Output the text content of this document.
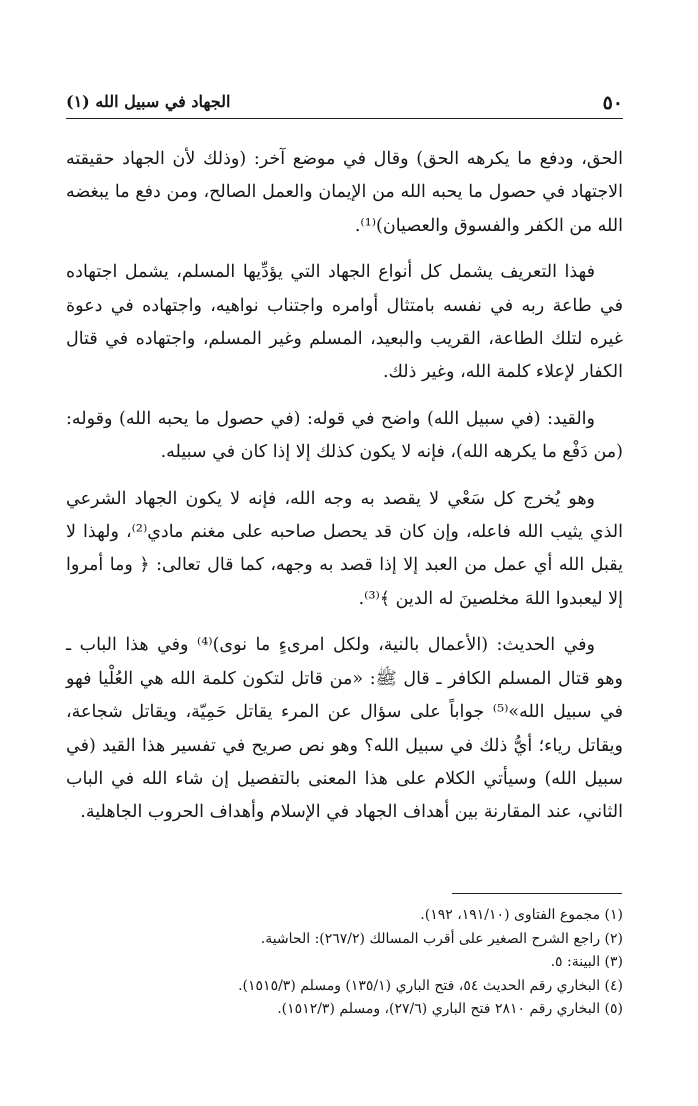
٥٠
الجهاد في سبيل الله (١)

الحق، ودفع ما يكرهه الحق) وقال في موضع آخر: (وذلك لأن الجهاد حقيقته الاجتهاد في حصول ما يحبه الله من الإيمان والعمل الصالح، ومن دفع ما يبغضه الله من الكفر والفسوق والعصيان)⁽¹⁾.

فهذا التعريف يشمل كل أنواع الجهاد التي يؤدِّيها المسلم، يشمل اجتهاده في طاعة ربه في نفسه بامتثال أوامره واجتناب نواهيه، واجتهاده في دعوة غيره لتلك الطاعة، القريب والبعيد، المسلم وغير المسلم، واجتهاده في قتال الكفار لإعلاء كلمة الله، وغير ذلك.

والقيد: (في سبيل الله) واضح في قوله: (في حصول ما يحبه الله) وقوله: (من دَفْع ما يكرهه الله)، فإنه لا يكون كذلك إلا إذا كان في سبيله.

وهو يُخرج كل سَعْي لا يقصد به وجه الله، فإنه لا يكون الجهاد الشرعي الذي يثيب الله فاعله، وإن كان قد يحصل صاحبه على مغنم مادي⁽²⁾، ولهذا لا يقبل الله أي عمل من العبد إلا إذا قصد به وجهه، كما قال تعالى: ﴿ وما أمروا إلا ليعبدوا اللهَ مخلصينَ له الدين ﴾⁽³⁾.

وفي الحديث: (الأعمال بالنية، ولكل امرىءٍ ما نوى)⁽⁴⁾ وفي هذا الباب ـ وهو قتال المسلم الكافر ـ قال ﷺ: «من قاتل لتكون كلمة الله هي العُلْيا فهو في سبيل الله»⁽⁵⁾ جواباً على سؤال عن المرء يقاتل حَمِيّة، ويقاتل شجاعة، ويقاتل رياء؛ أيُّ ذلك في سبيل الله؟ وهو نص صريح في تفسير هذا القيد (في سبيل الله) وسيأتي الكلام على هذا المعنى بالتفصيل إن شاء الله في الباب الثاني، عند المقارنة بين أهداف الجهاد في الإسلام وأهداف الحروب الجاهلية.

(١) مجموع الفتاوى (١٩١/١٠، ١٩٢).

(٢) راجع الشرح الصغير على أقرب المسالك (٢٦٧/٢): الحاشية.

(٣) البينة: ٥.

(٤) البخاري رقم الحديث ٥٤، فتح الباري (١٣٥/١) ومسلم (١٥١٥/٣).

(٥) البخاري رقم ٢٨١٠ فتح الباري (٢٧/٦)، ومسلم (١٥١٢/٣).
